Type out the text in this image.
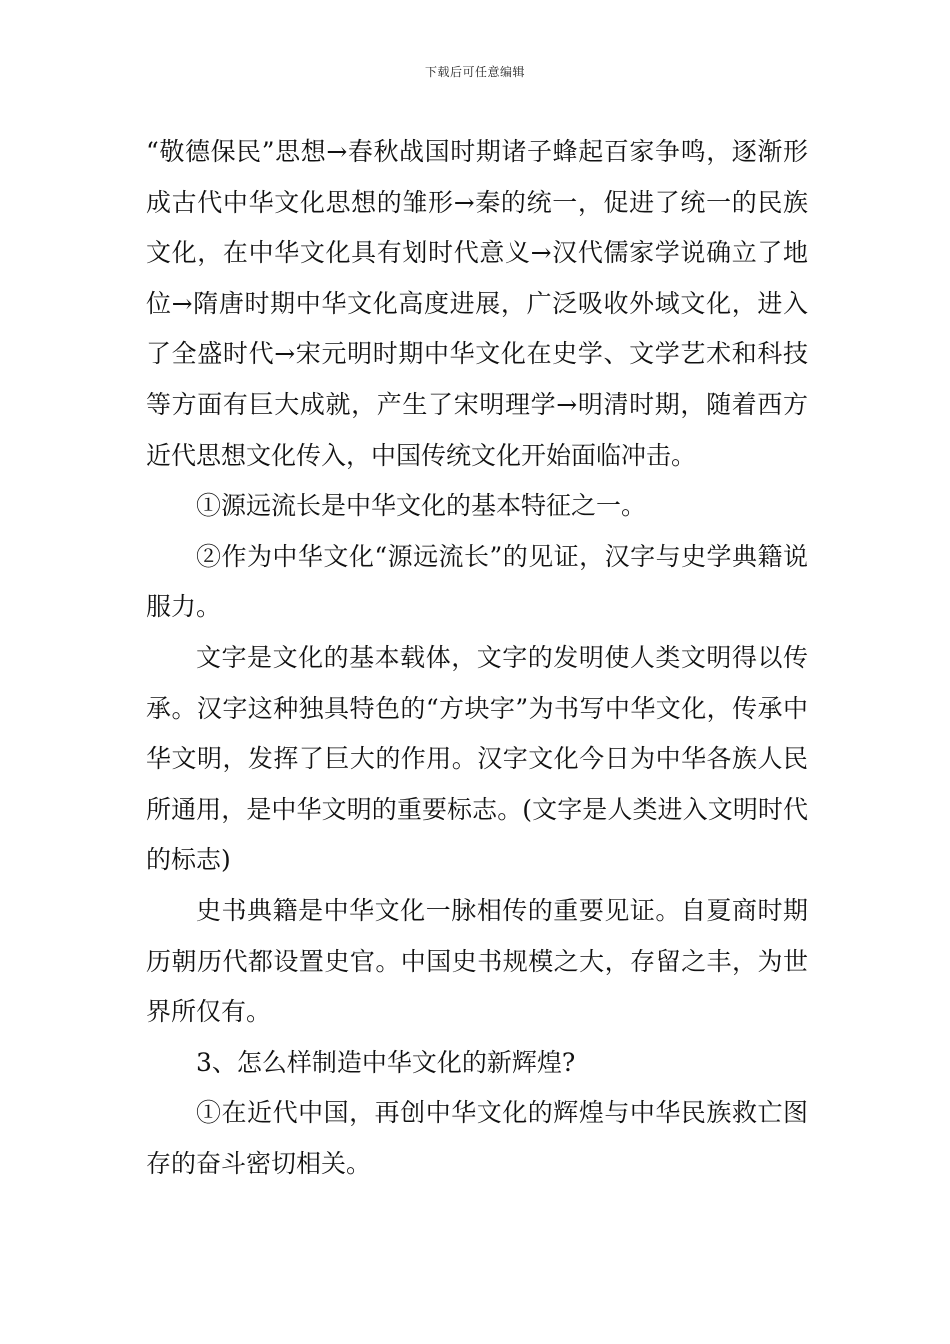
下载后可任意编辑

“敬德保民”思想→春秋战国时期诸子蜂起百家争鸣，逐渐形成古代中华文化思想的雏形→秦的统一，促进了统一的民族文化，在中华文化具有划时代意义→汉代儒家学说确立了地位→隋唐时期中华文化高度进展，广泛吸收外域文化，进入了全盛时代→宋元明时期中华文化在史学、文学艺术和科技等方面有巨大成就，产生了宋明理学→明清时期，随着西方近代思想文化传入，中国传统文化开始面临冲击。

①源远流长是中华文化的基本特征之一。

②作为中华文化“源远流长”的见证，汉字与史学典籍说服力。

文字是文化的基本载体，文字的发明使人类文明得以传承。汉字这种独具特色的“方块字”为书写中华文化，传承中华文明，发挥了巨大的作用。汉字文化今日为中华各族人民所通用，是中华文明的重要标志。(文字是人类进入文明时代的标志)

史书典籍是中华文化一脉相传的重要见证。自夏商时期历朝历代都设置史官。中国史书规模之大，存留之丰，为世界所仅有。

3、怎么样制造中华文化的新辉煌?

①在近代中国，再创中华文化的辉煌与中华民族救亡图存的奋斗密切相关。
